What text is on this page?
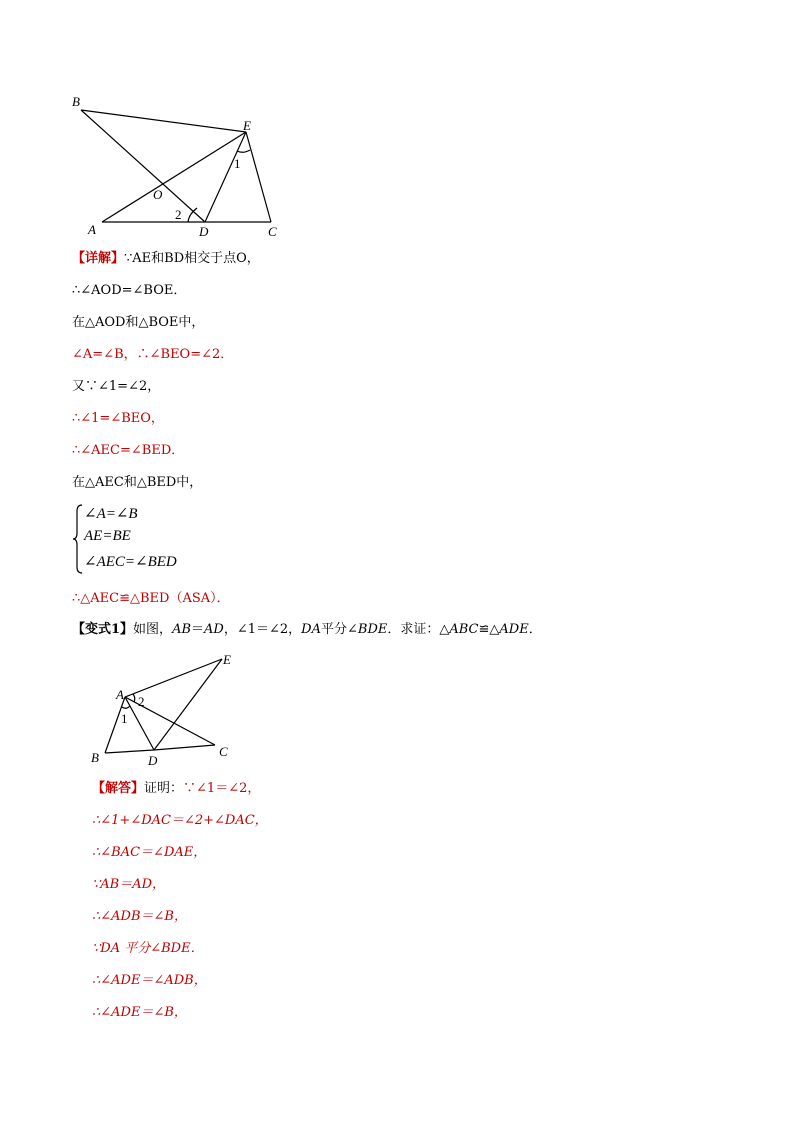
B
E
O
A	D	C
1
2
【详解】∵AE和BD相交于点O，
∴∠AOD=∠BOE．
在△AOD和△BOE中，
∠A=∠B，∴∠BEO=∠2．
又∵∠1=∠2，
∴∠1=∠BEO，
∴∠AEC=∠BED．
在△AEC和△BED中，
∠A=∠B
AE=BE
∠AEC=∠BED
∴△AEC≌△BED（ASA）．
【变式1】如图，AB＝AD，∠1＝∠2，DA平分∠BDE．求证：△ABC≌△ADE．
E
A 2
1
B	D
C
【解答】证明：∵∠1＝∠2，
∴∠1+∠DAC＝∠2+∠DAC，
∴∠BAC＝∠DAE，
∵AB＝AD，
∴∠ADB＝∠B，
∵DA 平分∠BDE．
∴∠ADE＝∠ADB，
∴∠ADE＝∠B，
